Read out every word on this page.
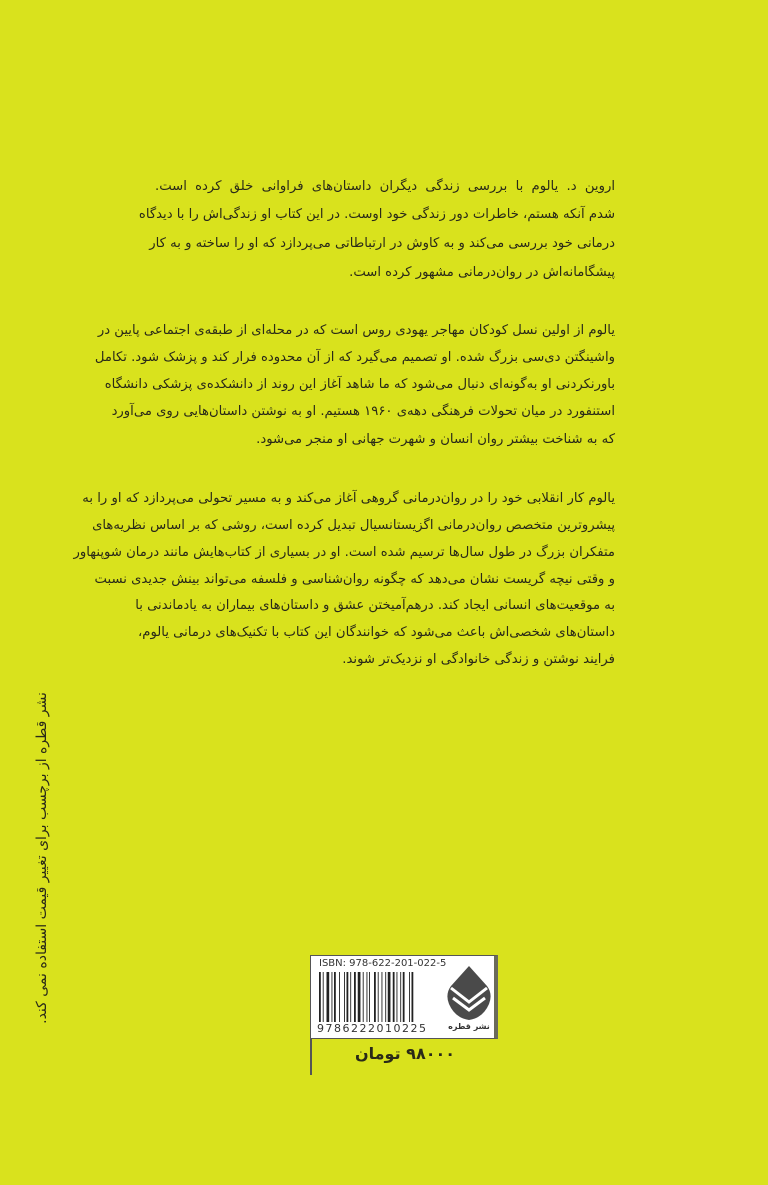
اروین د. یالوم با بررسی زندگی دیگران داستان‌های فراوانی خلق کرده است.
شدم آنکه هستم، خاطرات دور زندگی خود اوست. در این کتاب او زندگی‌اش را با دیدگاه
درمانی خود بررسی می‌کند و به کاوش در ارتباطاتی می‌پردازد که او را ساخته و به کار
پیشگامانه‌اش در روان‌درمانی مشهور کرده است.
یالوم از اولین نسل کودکان مهاجر یهودی روس است که در محله‌ای از طبقه‌ی اجتماعی پایین در
واشینگتن دی‌سی بزرگ شده. او تصمیم می‌گیرد که از آن محدوده فرار کند و پزشک شود. تکامل
باورنکردنی او به‌گونه‌ای دنبال می‌شود که ما شاهد آغاز این روند از دانشکده‌ی پزشکی دانشگاه
استنفورد در میان تحولات فرهنگی دهه‌ی ۱۹۶۰ هستیم. او به نوشتن داستان‌هایی روی می‌آورد
که به شناخت بیشتر روان انسان و شهرت جهانی او منجر می‌شود.
یالوم کار انقلابی خود را در روان‌درمانی گروهی آغاز می‌کند و به مسیر تحولی می‌پردازد که او را به
پیشروترین متخصص روان‌درمانی اگزیستانسیال تبدیل کرده است، روشی که بر اساس نظریه‌های
متفکران بزرگ در طول سال‌ها ترسیم شده است. او در بسیاری از کتاب‌هایش مانند درمان شوپنهاور
و وقتی نیچه گریست نشان می‌دهد که چگونه روان‌شناسی و فلسفه می‌تواند بینش جدیدی نسبت
به موقعیت‌های انسانی ایجاد کند. درهم‌آمیختن عشق و داستان‌های بیماران به یادماندنی با
داستان‌های شخصی‌اش باعث می‌شود که خوانندگان این کتاب با تکنیک‌های درمانی یالوم،
فرایند نوشتن و زندگی خانوادگی او نزدیک‌تر شوند.
نشر قطره از برچسب برای تغییر قیمت استفاده نمی کند.	ISBN: 978-622-201-022-5
9786222010225	نشر قطره
۹۸۰۰۰ تومان
